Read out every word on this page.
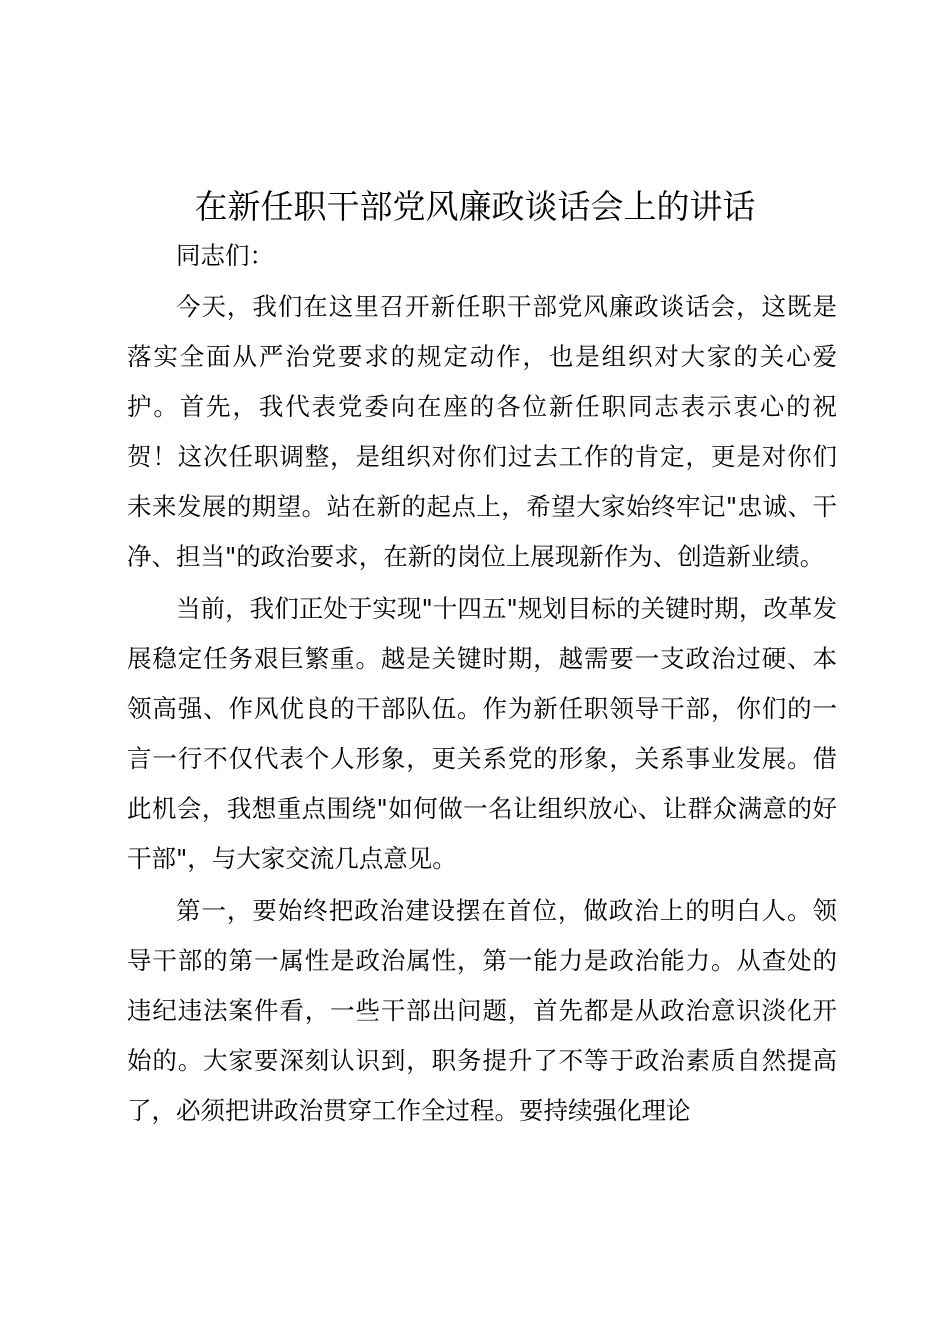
在新任职干部党风廉政谈话会上的讲话

同志们：

今天，我们在这里召开新任职干部党风廉政谈话会，这既是落实全面从严治党要求的规定动作，也是组织对大家的关心爱护。首先，我代表党委向在座的各位新任职同志表示衷心的祝贺！这次任职调整，是组织对你们过去工作的肯定，更是对你们未来发展的期望。站在新的起点上，希望大家始终牢记"忠诚、干净、担当"的政治要求，在新的岗位上展现新作为、创造新业绩。

当前，我们正处于实现"十四五"规划目标的关键时期，改革发展稳定任务艰巨繁重。越是关键时期，越需要一支政治过硬、本领高强、作风优良的干部队伍。作为新任职领导干部，你们的一言一行不仅代表个人形象，更关系党的形象，关系事业发展。借此机会，我想重点围绕"如何做一名让组织放心、让群众满意的好干部"，与大家交流几点意见。

第一，要始终把政治建设摆在首位，做政治上的明白人。领导干部的第一属性是政治属性，第一能力是政治能力。从查处的违纪违法案件看，一些干部出问题，首先都是从政治意识淡化开始的。大家要深刻认识到，职务提升了不等于政治素质自然提高了，必须把讲政治贯穿工作全过程。要持续强化理论
